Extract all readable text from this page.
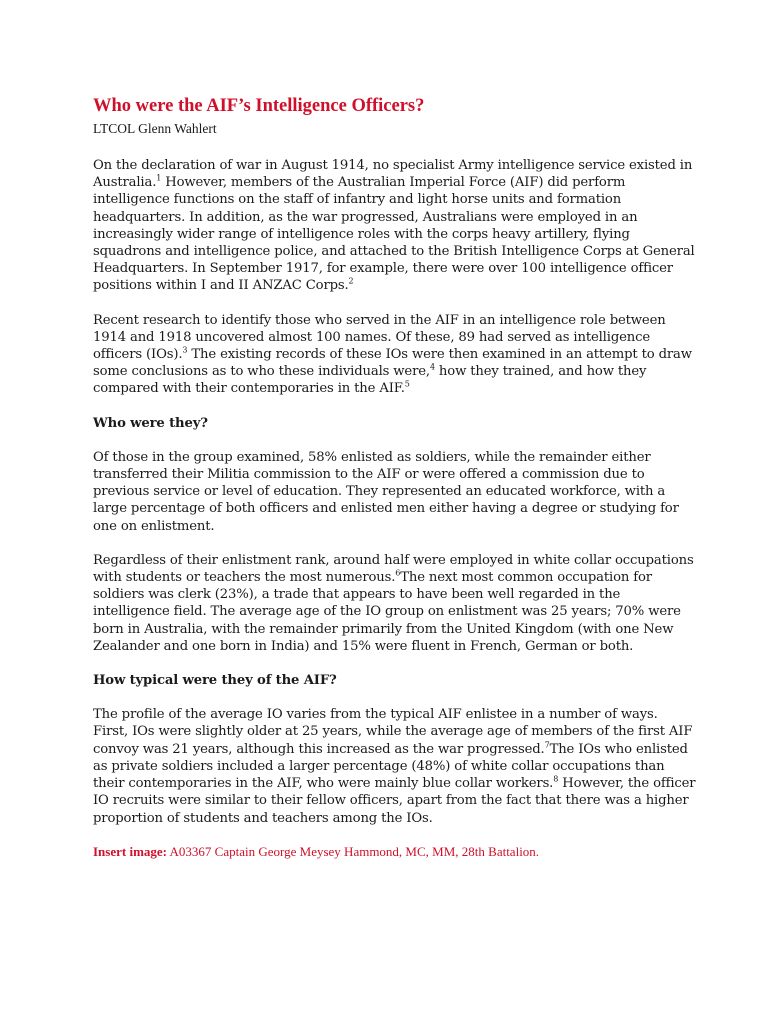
Who were the AIF’s Intelligence Officers?
LTCOL Glenn Wahlert

On the declaration of war in August 1914, no specialist Army intelligence service existed in Australia.$^1$ However, members of the Australian Imperial Force (AIF) did perform intelligence functions on the staff of infantry and light horse units and formation headquarters. In addition, as the war progressed, Australians were employed in an increasingly wider range of intelligence roles with the corps heavy artillery, flying squadrons and intelligence police, and attached to the British Intelligence Corps at General Headquarters. In September 1917, for example, there were over 100 intelligence officer positions within I and II ANZAC Corps.$^2$

Recent research to identify those who served in the AIF in an intelligence role between 1914 and 1918 uncovered almost 100 names. Of these, 89 had served as intelligence officers (IOs).$^3$ The existing records of these IOs were then examined in an attempt to draw some conclusions as to who these individuals were,$^4$ how they trained, and how they compared with their contemporaries in the AIF.$^5$

Who were they?

Of those in the group examined, 58% enlisted as soldiers, while the remainder either transferred their Militia commission to the AIF or were offered a commission due to previous service or level of education. They represented an educated workforce, with a large percentage of both officers and enlisted men either having a degree or studying for one on enlistment.

Regardless of their enlistment rank, around half were employed in white collar occupations with students or teachers the most numerous.$^6$The next most common occupation for soldiers was clerk (23%), a trade that appears to have been well regarded in the intelligence field. The average age of the IO group on enlistment was 25 years; 70% were born in Australia, with the remainder primarily from the United Kingdom (with one New Zealander and one born in India) and 15% were fluent in French, German or both.

How typical were they of the AIF?

The profile of the average IO varies from the typical AIF enlistee in a number of ways. First, IOs were slightly older at 25 years, while the average age of members of the first AIF convoy was 21 years, although this increased as the war progressed.$^7$The IOs who enlisted as private soldiers included a larger percentage (48%) of white collar occupations than their contemporaries in the AIF, who were mainly blue collar workers.$^8$ However, the officer IO recruits were similar to their fellow officers, apart from the fact that there was a higher proportion of students and teachers among the IOs.

Insert image: A03367 Captain George Meysey Hammond, MC, MM, 28th Battalion.
